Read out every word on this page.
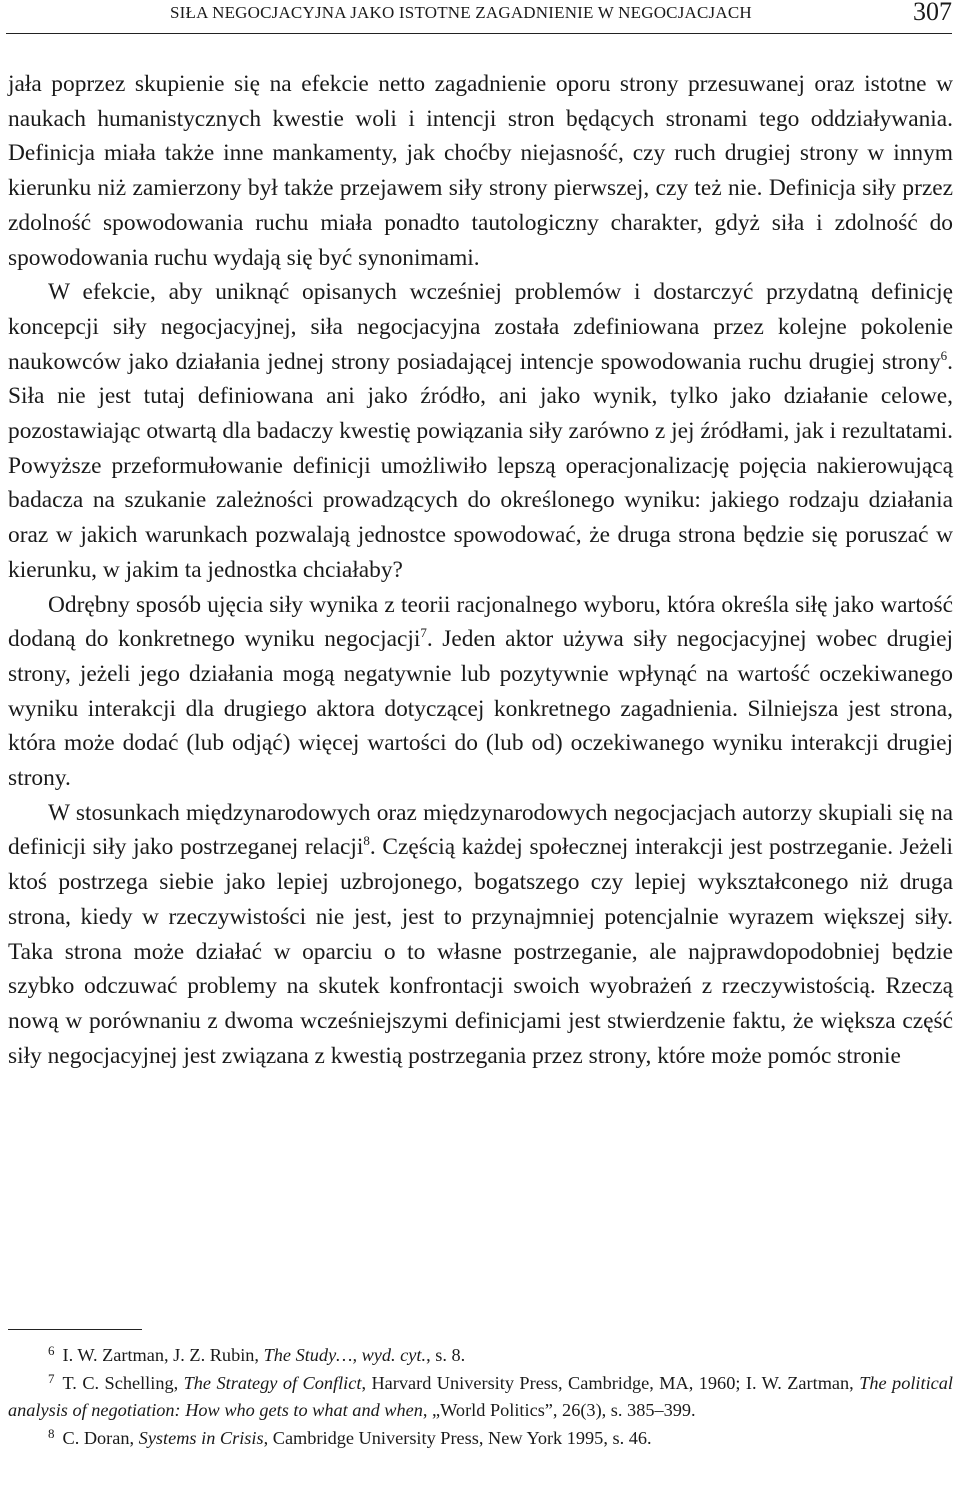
SIŁA NEGOCJACYJNA JAKO ISTOTNE ZAGADNIENIE W NEGOCJACJACH	307

jała poprzez skupienie się na efekcie netto zagadnienie oporu strony przesuwanej oraz istotne w naukach humanistycznych kwestie woli i intencji stron będących stronami tego oddziaływania. Definicja miała także inne mankamenty, jak choćby niejasność, czy ruch drugiej strony w innym kierunku niż zamierzony był także przejawem siły strony pierwszej, czy też nie. Definicja siły przez zdolność spowodowania ruchu miała ponadto tautologiczny charakter, gdyż siła i zdolność do spowodowania ruchu wydają się być synonimami.

W efekcie, aby uniknąć opisanych wcześniej problemów i dostarczyć przydatną definicję koncepcji siły negocjacyjnej, siła negocjacyjna została zdefiniowana przez kolejne pokolenie naukowców jako działania jednej strony posiadającej intencje spowodowania ruchu drugiej strony$^6$. Siła nie jest tutaj definiowana ani jako źródło, ani jako wynik, tylko jako działanie celowe, pozostawiając otwartą dla badaczy kwestię powiązania siły zarówno z jej źródłami, jak i rezultatami. Powyższe przeformułowanie definicji umożliwiło lepszą operacjonalizację pojęcia nakierowującą badacza na szukanie zależności prowadzących do określonego wyniku: jakiego rodzaju działania oraz w jakich warunkach pozwalają jednostce spowodować, że druga strona będzie się poruszać w kierunku, w jakim ta jednostka chciałaby?

Odrębny sposób ujęcia siły wynika z teorii racjonalnego wyboru, która określa siłę jako wartość dodaną do konkretnego wyniku negocjacji$^7$. Jeden aktor używa siły negocjacyjnej wobec drugiej strony, jeżeli jego działania mogą negatywnie lub pozytywnie wpłynąć na wartość oczekiwanego wyniku interakcji dla drugiego aktora dotyczącej konkretnego zagadnienia. Silniejsza jest strona, która może dodać (lub odjąć) więcej wartości do (lub od) oczekiwanego wyniku interakcji drugiej strony.

W stosunkach międzynarodowych oraz międzynarodowych negocjacjach autorzy skupiali się na definicji siły jako postrzeganej relacji$^8$. Częścią każdej społecznej interakcji jest postrzeganie. Jeżeli ktoś postrzega siebie jako lepiej uzbrojonego, bogatszego czy lepiej wykształconego niż druga strona, kiedy w rzeczywistości nie jest, jest to przynajmniej potencjalnie wyrazem większej siły. Taka strona może działać w oparciu o to własne postrzeganie, ale najprawdopodobniej będzie szybko odczuwać problemy na skutek konfrontacji swoich wyobrażeń z rzeczywistością. Rzeczą nową w porównaniu z dwoma wcześniejszymi definicjami jest stwierdzenie faktu, że większa część siły negocjacyjnej jest związana z kwestią postrzegania przez strony, które może pomóc stronie

$^6$ I. W. Zartman, J. Z. Rubin, The Study…, wyd. cyt., s. 8.

$^7$ T. C. Schelling, The Strategy of Conflict, Harvard University Press, Cambridge, MA, 1960; I. W. Zartman, The political analysis of negotiation: How who gets to what and when, „World Politics”, 26(3), s. 385–399.

$^8$ C. Doran, Systems in Crisis, Cambridge University Press, New York 1995, s. 46.
